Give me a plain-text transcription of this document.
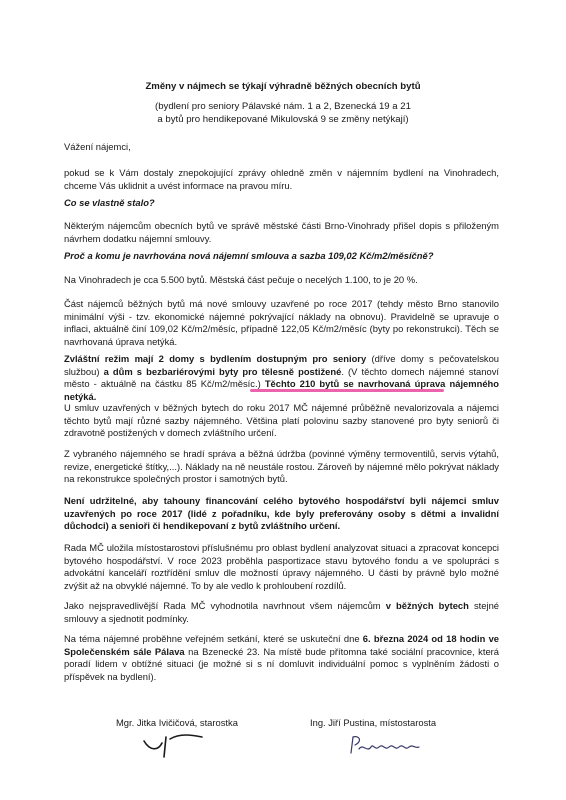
Změny v nájmech se týkají výhradně běžných obecních bytů
(bydlení pro seniory Pálavské nám. 1 a 2, Bzenecká 19 a 21
a bytů pro hendikepované Mikulovská 9 se změny netýkají)

Vážení nájemci,

pokud se k Vám dostaly znepokojující zprávy ohledně změn v nájemním bydlení na Vinohradech, chceme Vás uklidnit a uvést informace na pravou míru.

Co se vlastně stalo?

Některým nájemcům obecních bytů ve správě městské části Brno-Vinohrady přišel dopis s přiloženým návrhem dodatku nájemní smlouvy.

Proč a komu je navrhována nová nájemní smlouva a sazba 109,02 Kč/m2/měsíčně?

Na Vinohradech je cca 5.500 bytů. Městská část pečuje o necelých 1.100, to je 20 %.

Část nájemců běžných bytů má nové smlouvy uzavřené po roce 2017 (tehdy město Brno stanovilo minimální výši - tzv. ekonomické nájemné pokrývající náklady na obnovu). Pravidelně se upravuje o inflaci, aktuálně činí 109,02 Kč/m2/měsíc, případně 122,05 Kč/m2/měsíc (byty po rekonstrukci). Těch se navrhovaná úprava netýká.

Zvláštní režim mají 2 domy s bydlením dostupným pro seniory (dříve domy s pečovatelskou službou) a dům s bezbariérovými byty pro tělesně postižené. (V těchto domech nájemné stanoví město - aktuálně na částku 85 Kč/m2/měsíc.) Těchto 210 bytů se navrhovaná úprava nájemného netýká.

U smluv uzavřených v běžných bytech do roku 2017 MČ nájemné průběžně nevalorizovala a nájemci těchto bytů mají různé sazby nájemného. Většina platí polovinu sazby stanovené pro byty seniorů či zdravotně postižených v domech zvláštního určení.

Z vybraného nájemného se hradí správa a běžná údržba (povinné výměny termoventilů, servis výtahů, revize, energetické štítky,...). Náklady na ně neustále rostou. Zároveň by nájemné mělo pokrývat náklady na rekonstrukce společných prostor i samotných bytů.

Není udržitelné, aby tahouny financování celého bytového hospodářství byli nájemci smluv uzavřených po roce 2017 (lidé z pořadníku, kde byly preferovány osoby s dětmi a invalidní důchodci) a senioři či hendikepovaní z bytů zvláštního určení.

Rada MČ uložila místostarostovi příslušnému pro oblast bydlení analyzovat situaci a zpracovat koncepci bytového hospodářství. V roce 2023 proběhla pasportizace stavu bytového fondu a ve spolupráci s advokátní kanceláří roztřídění smluv dle možností úpravy nájemného. U části by právně bylo možné zvýšit až na obvyklé nájemné. To by ale vedlo k prohloubení rozdílů.

Jako nejspravedlivější Rada MČ vyhodnotila navrhnout všem nájemcům v běžných bytech stejné smlouvy a sjednotit podmínky.

Na téma nájemné proběhne veřejném setkání, které se uskuteční dne 6. března 2024 od 18 hodin ve Společenském sále Pálava na Bzenecké 23. Na místě bude přítomna také sociální pracovnice, která poradí lidem v obtížné situaci (je možné si s ní domluvit individuální pomoc s vyplněním žádosti o příspěvek na bydlení).

Mgr. Jitka Ivičičová, starostka	Ing. Jiří Pustina, místostarosta
